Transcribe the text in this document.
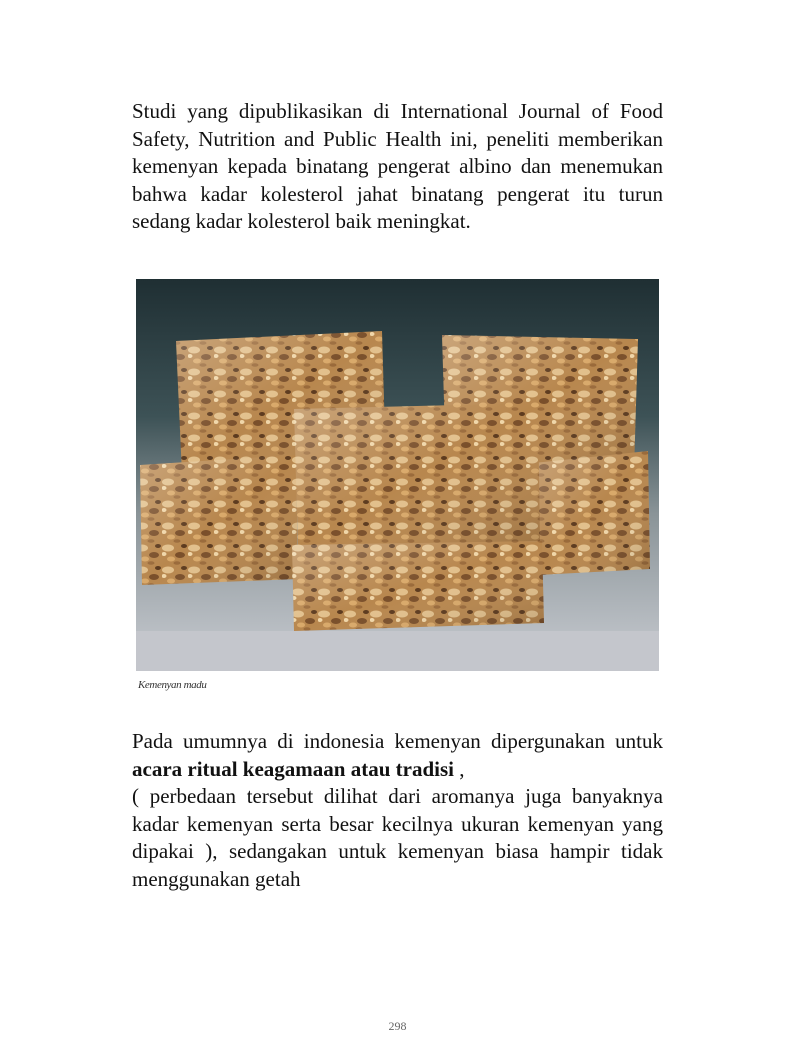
Studi yang dipublikasikan di International Journal of Food Safety, Nutrition and Public Health ini, peneliti memberikan kemenyan kepada binatang pengerat albino dan menemukan bahwa kadar kolesterol jahat binatang pengerat itu turun sedang kadar kolesterol baik meningkat.

Kemenyan madu

Pada umumnya di indonesia kemenyan dipergunakan untuk acara ritual keagamaan atau tradisi ,
( perbedaan tersebut dilihat dari aromanya juga banyaknya kadar kemenyan serta besar kecilnya ukuran kemenyan yang dipakai ), sedangakan untuk kemenyan biasa hampir tidak menggunakan getah

298
